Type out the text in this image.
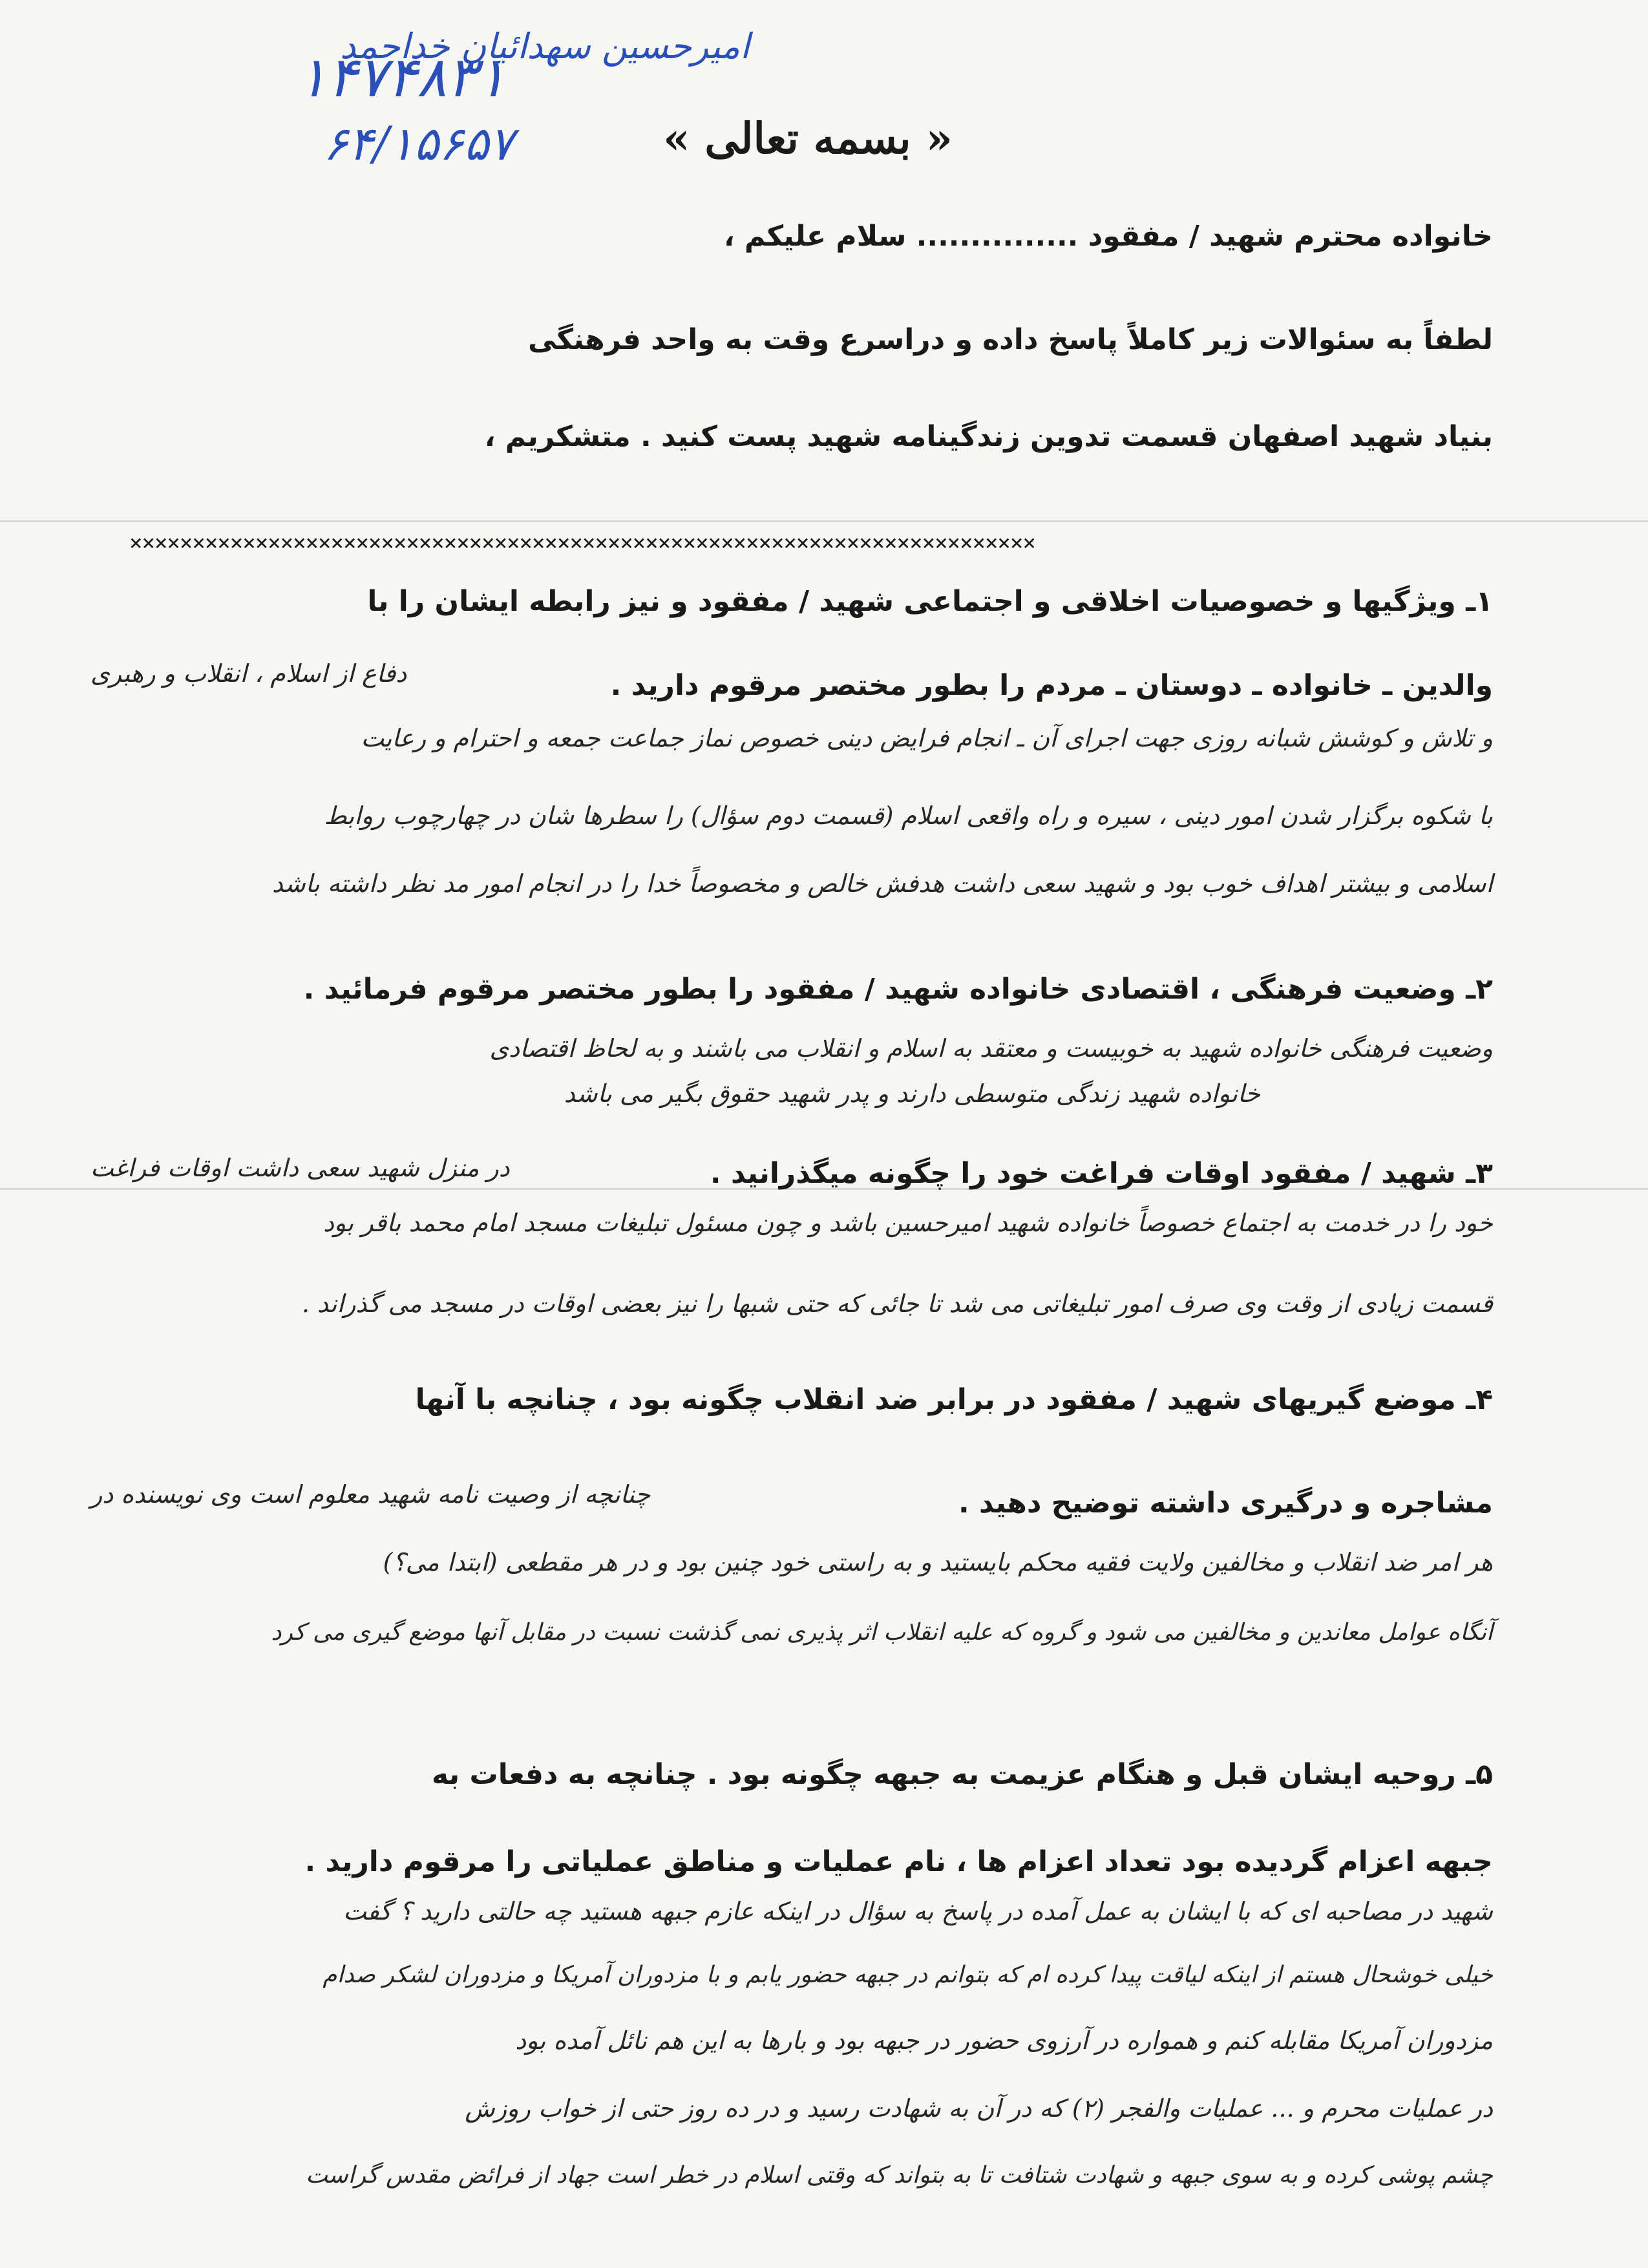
امیرحسین سهدائیان خداحمد
۱۴۷۴۸۳۱
۶۴/۱۵۶۵۷	« بسمه تعالی »
خانواده محترم شهید / مفقود ............... سلام علیکم ،
لطفاً به سئوالات زیر کاملاً پاسخ داده و دراسرع وقت به واحد فرهنگی
بنیاد شهید اصفهان قسمت تدوین زندگینامه شهید پست کنید . متشکریم ،
××××××××××××××××××××××××××××××××××××××××××××××××××××××××××××××××××××××××
۱ـ ویژگیها و خصوصیات اخلاقی و اجتماعی شهید / مفقود و نیز رابطه ایشان را با
والدین ـ خانواده ـ دوستان ـ مردم را بطور مختصر مرقوم دارید .
دفاع از اسلام ، انقلاب و رهبری
و تلاش و کوشش شبانه روزی جهت اجرای آن ـ انجام فرایض دینی خصوص نماز جماعت جمعه و احترام و رعایت
با شکوه برگزار شدن امور دینی ، سیره و راه واقعی اسلام (قسمت دوم سؤال) را سطرها شان در چهارچوب روابط
اسلامی و بیشتر اهداف خوب بود و شهید سعی داشت هدفش خالص و مخصوصاً خدا را در انجام امور مد نظر داشته باشد
۲ـ وضعیت فرهنگی ، اقتصادی خانواده شهید / مفقود را بطور مختصر مرقوم فرمائید .
وضعیت فرهنگی خانواده شهید به خوبیست و معتقد به اسلام و انقلاب می باشند و به لحاظ اقتصادی
خانواده شهید زندگی متوسطی دارند و پدر شهید حقوق بگیر می باشد
۳ـ شهید / مفقود اوقات فراغت خود را چگونه میگذرانید .
در منزل شهید سعی داشت اوقات فراغت
خود را در خدمت به اجتماع خصوصاً خانواده شهید امیرحسین باشد و چون مسئول تبلیغات مسجد امام محمد باقر بود
قسمت زیادی از وقت وی صرف امور تبلیغاتی می شد تا جائی که حتی شبها را نیز بعضی اوقات در مسجد می گذراند .
۴ـ موضع گیریهای شهید / مفقود در برابر ضد انقلاب چگونه بود ، چنانچه با آنها
مشاجره و درگیری داشته توضیح دهید .
چنانچه از وصیت نامه شهید معلوم است وی نویسنده در
هر امر ضد انقلاب و مخالفین ولایت فقیه محکم بایستید و به راستی خود چنین بود و در هر مقطعی (ابتدا می؟)
آنگاه عوامل معاندین و مخالفین می شود و گروه که علیه انقلاب اثر پذیری نمی گذشت نسبت در مقابل آنها موضع گیری می کرد
۵ـ روحیه ایشان قبل و هنگام عزیمت به جبهه چگونه بود . چنانچه به دفعات به
جبهه اعزام گردیده بود تعداد اعزام ها ، نام عملیات و مناطق عملیاتی را مرقوم دارید .
شهید در مصاحبه ای که با ایشان به عمل آمده در پاسخ به سؤال در اینکه عازم جبهه هستید چه حالتی دارید ؟ گفت
خیلی خوشحال هستم از اینکه لیاقت پیدا کرده ام که بتوانم در جبهه حضور یابم و با مزدوران آمریکا و مزدوران لشکر صدام
مزدوران آمریکا مقابله کنم و همواره در آرزوی حضور در جبهه بود و بارها به این هم نائل آمده بود
در عملیات محرم و ... عملیات والفجر (۲) که در آن به شهادت رسید و در ده روز حتی از خواب روزش
چشم پوشی کرده و به سوی جبهه و شهادت شتافت تا به بتواند که وقتی اسلام در خطر است جهاد از فرائض مقدس گراست
